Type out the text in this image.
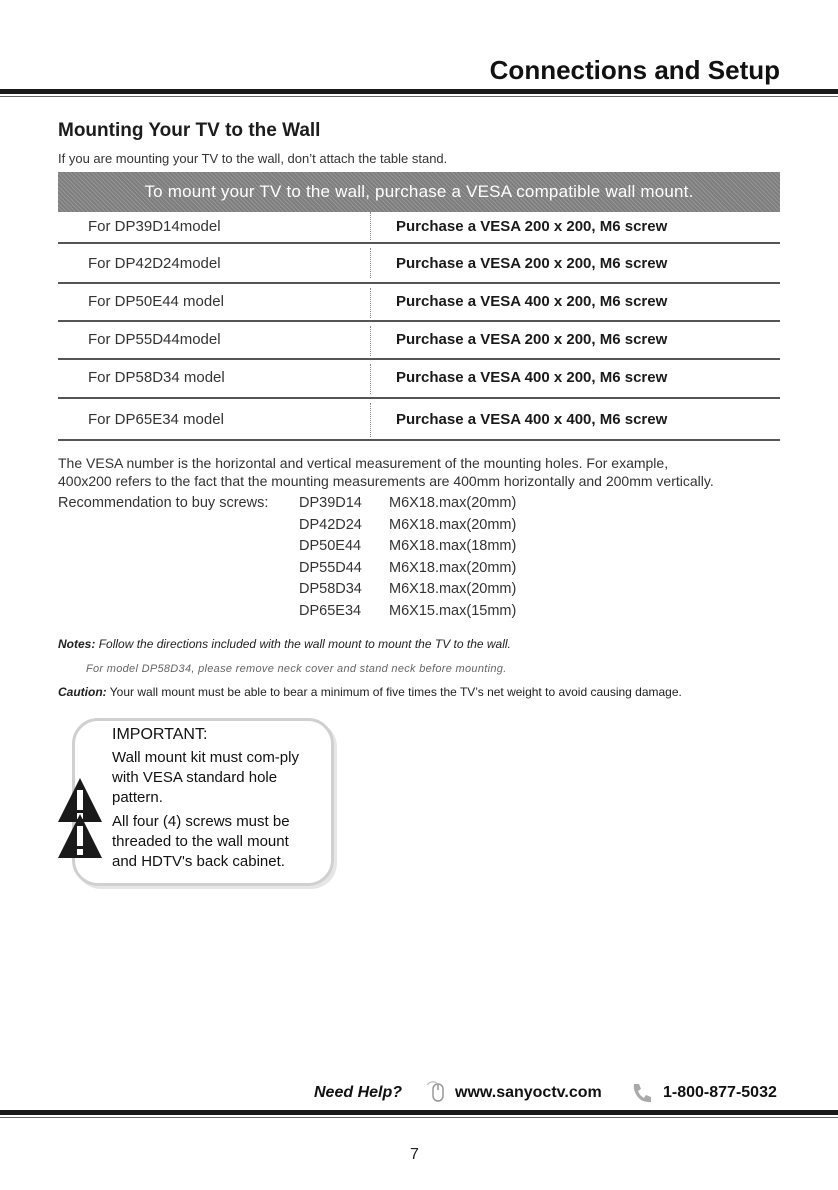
Connections and Setup
Mounting Your TV to the Wall
If you are mounting your TV to the wall, don’t attach the table stand.
To mount your TV to the wall, purchase a VESA compatible wall mount.
For DP39D14model	Purchase a VESA 200 x 200, M6 screw
For DP42D24model	Purchase a VESA 200 x 200, M6 screw
For DP50E44 model	Purchase a VESA 400 x 200, M6 screw
For DP55D44model	Purchase a VESA 200 x 200, M6 screw
For DP58D34 model	Purchase a VESA 400 x 200, M6 screw
For DP65E34 model	Purchase a VESA 400 x 400, M6 screw
The VESA number is the horizontal and vertical measurement of the mounting holes. For example,
400x200 refers to the fact that the mounting measurements are 400mm horizontally and 200mm vertically.
Recommendation to buy screws: DP39D14 M6X18.max(20mm)
DP42D24 M6X18.max(20mm)
DP50E44 M6X18.max(18mm)
DP55D44 M6X18.max(20mm)
DP58D34 M6X18.max(20mm)
DP65E34 M6X15.max(15mm)
Notes: Follow the directions included with the wall mount to mount the TV to the wall.
For model DP58D34, please remove neck cover and stand neck before mounting.
Caution: Your wall mount must be able to bear a minimum of five times the TV’s net weight to avoid causing damage.
IMPORTANT:
Wall mount kit must com-ply with VESA standard hole pattern.
All four (4) screws must be threaded to the wall mount and HDTV's back cabinet.
Need Help?	www.sanyoctv.com	1-800-877-5032
7
